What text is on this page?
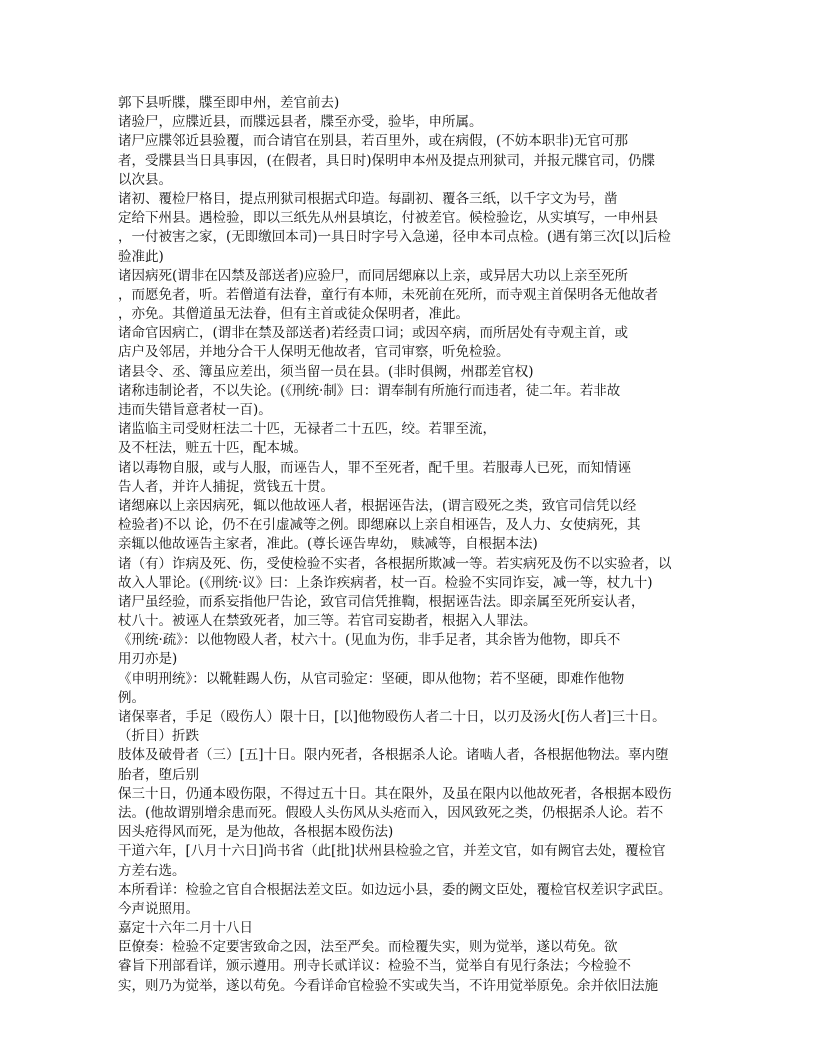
郭下县听牒，牒至即申州，差官前去)
诸验尸，应牒近县，而牒远县者，牒至亦受，验毕，申所属。
诸尸应牒邻近县验覆，而合请官在别县，若百里外，或在病假，(不妨本职非)无官可那
者，受牒县当日具事因，(在假者，具日时)保明申本州及提点刑狱司，并报元牒官司，仍牒
以次县。
诸初、覆检尸格目，提点刑狱司根据式印造。每副初、覆各三纸，以千字文为号，凿
定给下州县。遇检验，即以三纸先从州县填讫，付被差官。候检验讫，从实填写，一申州县
，一付被害之家，(无即缴回本司)一具日时字号入急递，径申本司点检。(遇有第三次[以]后检
验准此)
诸因病死(谓非在囚禁及部送者)应验尸，而同居缌麻以上亲，或异居大功以上亲至死所
，而愿免者，听。若僧道有法眷，童行有本师，未死前在死所，而寺观主首保明各无他故者
，亦免。其僧道虽无法眷，但有主首或徒众保明者，准此。
诸命官因病亡，(谓非在禁及部送者)若经责口词；或因卒病，而所居处有寺观主首，或
店户及邻居，并地分合干人保明无他故者，官司审察，听免检验。
诸县令、丞、簿虽应差出，须当留一员在县。(非时俱阙，州郡差官权)
诸称违制论者，不以失论。(《刑统·制》曰：谓奉制有所施行而违者，徒二年。若非故
违而失错旨意者杖一百)。
诸监临主司受财枉法二十匹，无禄者二十五匹，绞。若罪至流，
及不枉法，赃五十匹，配本城。
诸以毒物自服，或与人服，而诬告人，罪不至死者，配千里。若服毒人已死，而知情诬
告人者，并许人捕捉，赏钱五十贯。
诸缌麻以上亲因病死，辄以他故诬人者，根据诬告法，(谓言殴死之类，致官司信凭以经
检验者)不以 论，仍不在引虚减等之例。即缌麻以上亲自相诬告，及人力、女使病死，其
亲辄以他故诬告主家者，准此。(尊长诬告卑幼， 赎减等，自根据本法)
诸（有）诈病及死、伤，受使检验不实者，各根据所欺减一等。若实病死及伤不以实验者，以
故入人罪论。(《刑统·议》曰：上条诈疾病者，杖一百。检验不实同诈妄，减一等，杖九十)
诸尸虽经验，而系妄指他尸告论，致官司信凭推鞫，根据诬告法。即亲属至死所妄认者，
杖八十。被诬人在禁致死者，加三等。若官司妄勘者，根据入人罪法。
《刑统·疏》：以他物殴人者，杖六十。(见血为伤，非手足者，其余皆为他物，即兵不
用刃亦是)
《申明刑统》：以靴鞋踢人伤，从官司验定：坚硬，即从他物；若不坚硬，即难作他物
例。
诸保辜者，手足（殴伤人）限十日，[以]他物殴伤人者二十日，以刃及汤火[伤人者]三十日。
（折目）折跌
肢体及破骨者（三）[五]十日。限内死者，各根据杀人论。诸啮人者，各根据他物法。辜内堕
胎者，堕后别
保三十日，仍通本殴伤限，不得过五十日。其在限外，及虽在限内以他故死者，各根据本殴伤
法。(他故谓别增余患而死。假殴人头伤风从头疮而入，因风致死之类，仍根据杀人论。若不
因头疮得风而死，是为他故，各根据本殴伤法)
干道六年，[八月十六日]尚书省（此[批]状州县检验之官，并差文官，如有阙官去处，覆检官
方差右选。
本所看详：检验之官自合根据法差文臣。如边远小县，委的阙文臣处，覆检官权差识字武臣。
今声说照用。
嘉定十六年二月十八日
臣僚奏：检验不定要害致命之因，法至严矣。而检覆失实，则为觉举，遂以苟免。欲
睿旨下刑部看详，颁示遵用。刑寺长贰详议：检验不当，觉举自有见行条法；今检验不
实，则乃为觉举，遂以苟免。今看详命官检验不实或失当，不许用觉举原免。余并依旧法施
